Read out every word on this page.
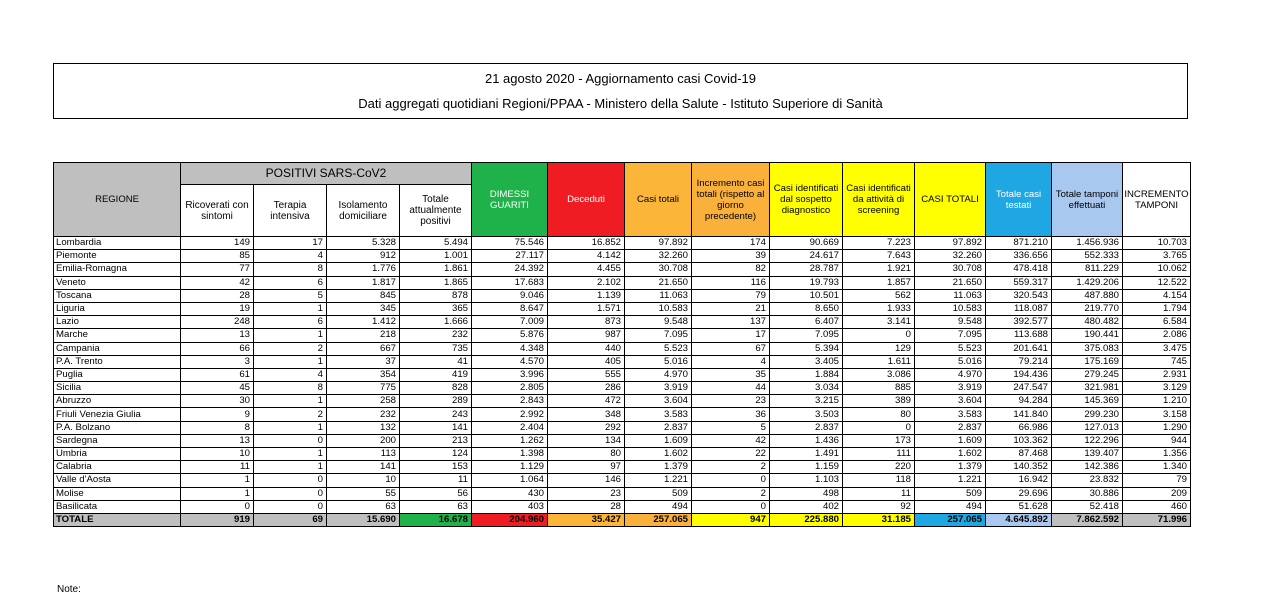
21 agosto 2020 - Aggiornamento casi Covid-19
Dati aggregati quotidiani Regioni/PPAA - Ministero della Salute - Istituto Superiore di Sanità
REGIONE	POSITIVI SARS-CoV2				DIMESSI GUARITI	Deceduti	Casi totali	Incremento casi totali (rispetto al giorno precedente)	Casi identificati dal sospetto diagnostico	Casi identificati da attività di screening	CASI TOTALI	Totale casi testati	Totale tamponi effettuati	INCREMENTO TAMPONI
	Ricoverati con sintomi	Terapia intensiva	Isolamento domiciliare	Totale attualmente positivi										
Lombardia	149	17	5.328	5.494	75.546	16.852	97.892	174	90.669	7.223	97.892	871.210	1.456.936	10.703
Piemonte	85	4	912	1.001	27.117	4.142	32.260	39	24.617	7.643	32.260	336.656	552.333	3.765
Emilia-Romagna	77	8	1.776	1.861	24.392	4.455	30.708	82	28.787	1.921	30.708	478.418	811.229	10.062
Veneto	42	6	1.817	1.865	17.683	2.102	21.650	116	19.793	1.857	21.650	559.317	1.429.206	12.522
Toscana	28	5	845	878	9.046	1.139	11.063	79	10.501	562	11.063	320.543	487.880	4.154
Liguria	19	1	345	365	8.647	1.571	10.583	21	8.650	1.933	10.583	118.087	219.770	1.794
Lazio	248	6	1.412	1.666	7.009	873	9.548	137	6.407	3.141	9.548	392.577	480.482	6.584
Marche	13	1	218	232	5.876	987	7.095	17	7.095	0	7.095	113.688	190.441	2.086
Campania	66	2	667	735	4.348	440	5.523	67	5.394	129	5.523	201.641	375.083	3.475
P.A. Trento	3	1	37	41	4.570	405	5.016	4	3.405	1.611	5.016	79.214	175.169	745
Puglia	61	4	354	419	3.996	555	4.970	35	1.884	3.086	4.970	194.436	279.245	2.931
Sicilia	45	8	775	828	2.805	286	3.919	44	3.034	885	3.919	247.547	321.981	3.129
Abruzzo	30	1	258	289	2.843	472	3.604	23	3.215	389	3.604	94.284	145.369	1.210
Friuli Venezia Giulia	9	2	232	243	2.992	348	3.583	36	3.503	80	3.583	141.840	299.230	3.158
P.A. Bolzano	8	1	132	141	2.404	292	2.837	5	2.837	0	2.837	66.986	127.013	1.290
Sardegna	13	0	200	213	1.262	134	1.609	42	1.436	173	1.609	103.362	122.296	944
Umbria	10	1	113	124	1.398	80	1.602	22	1.491	111	1.602	87.468	139.407	1.356
Calabria	11	1	141	153	1.129	97	1.379	2	1.159	220	1.379	140.352	142.386	1.340
Valle d'Aosta	1	0	10	11	1.064	146	1.221	0	1.103	118	1.221	16.942	23.832	79
Molise	1	0	55	56	430	23	509	2	498	11	509	29.696	30.886	209
Basilicata	0	0	63	63	403	28	494	0	402	92	494	51.628	52.418	460
TOTALE	919	69	15.690	16.678	204.960	35.427	257.065	947	225.880	31.185	257.065	4.645.892	7.862.592	71.996
Note:
